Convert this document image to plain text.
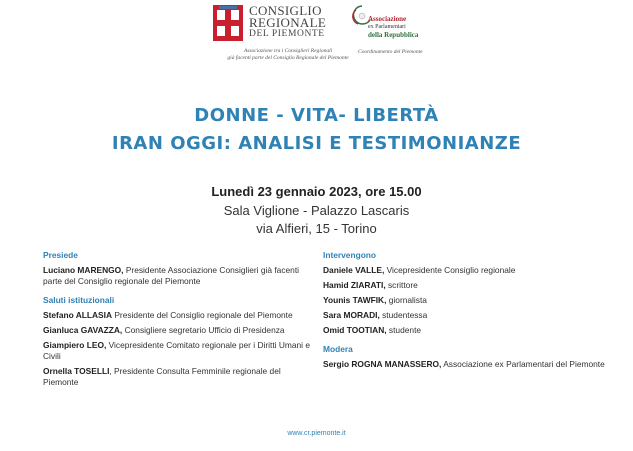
CONSIGLIO
REGIONALE
DEL PIEMONTE
Associazione tra i Consiglieri Regionali
già facenti parte del Consiglio Regionale del Piemonte
Associazione
ex Parlamentari
della Repubblica
Coordinamento del Piemonte
DONNE - VITA- LIBERTÀ
IRAN OGGI: ANALISI E TESTIMONIANZE
Lunedì 23 gennaio 2023, ore 15.00
Sala Viglione - Palazzo Lascaris
via Alfieri, 15 - Torino
Presiede
Luciano MARENGO, Presidente Associazione Consiglieri già facenti parte del Consiglio regionale del Piemonte
Saluti istituzionali
Stefano ALLASIA Presidente del Consiglio regionale del Piemonte
Gianluca GAVAZZA, Consigliere segretario Ufficio di Presidenza
Giampiero LEO, Vicepresidente Comitato regionale per i Diritti Umani e Civili
Ornella TOSELLI, Presidente Consulta Femminile regionale del Piemonte
Intervengono
Daniele VALLE, Vicepresidente Consiglio regionale
Hamid ZIARATI, scrittore
Younis TAWFIK, giornalista
Sara MORADI, studentessa
Omid TOOTIAN, studente
Modera
Sergio ROGNA MANASSERO, Associazione ex Parlamentari del Piemonte
www.cr.piemonte.it
